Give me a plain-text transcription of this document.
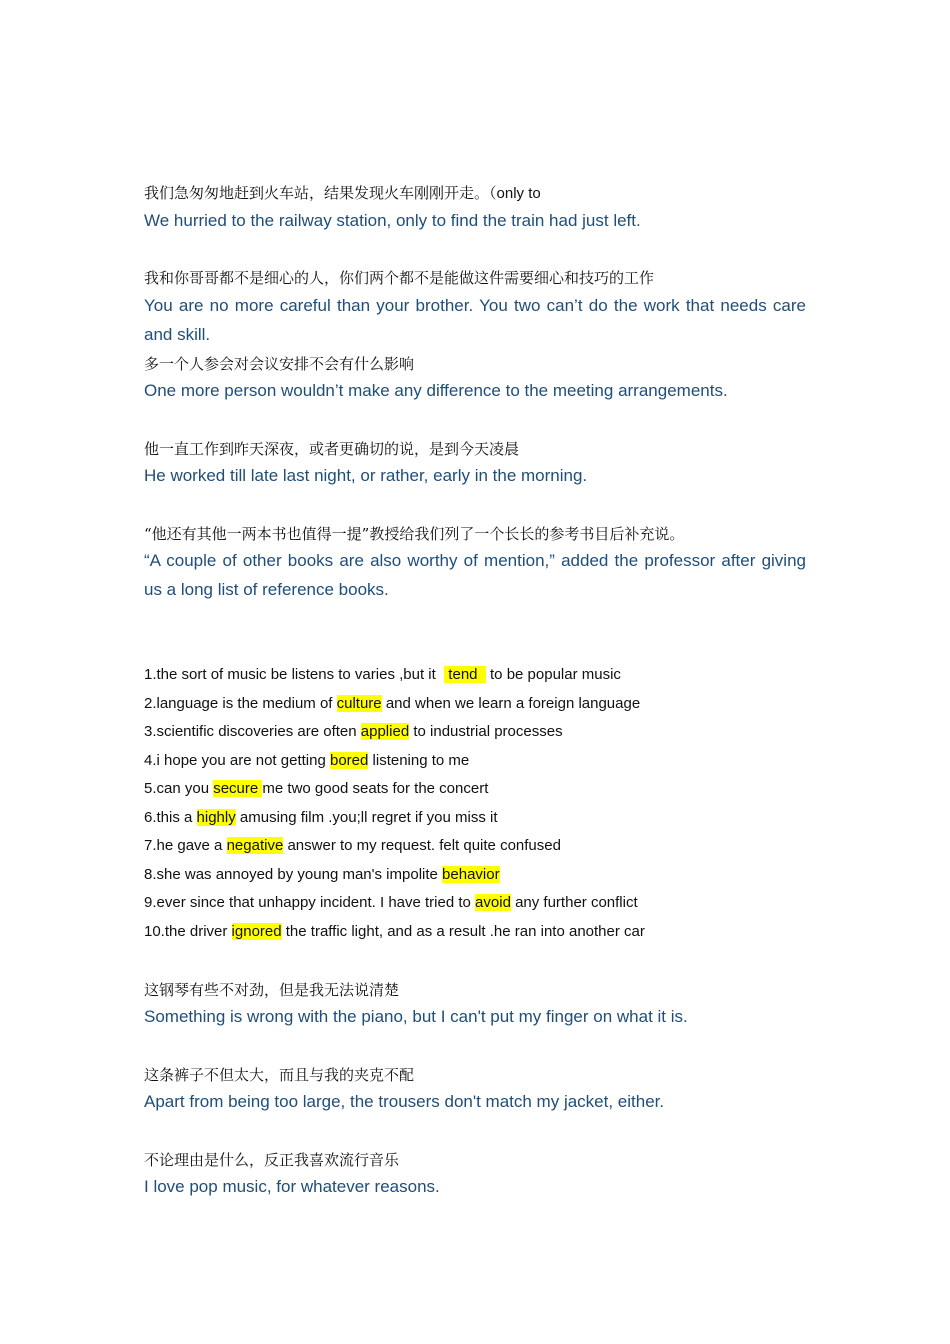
我们急匆匆地赶到火车站，结果发现火车刚刚开走。（only to
We hurried to the railway station, only to find the train had just left.
我和你哥哥都不是细心的人，你们两个都不是能做这件需要细心和技巧的工作
You are no more careful than your brother. You two can’t do the work that needs care and skill.
多一个人参会对会议安排不会有什么影响
One more person wouldn’t make any difference to the meeting arrangements.
他一直工作到昨天深夜，或者更确切的说，是到今天凌晨
He worked till late last night, or rather, early in the morning.
“他还有其他一两本书也值得一提”教授给我们列了一个长长的参考书目后补充说。
“A couple of other books are also worthy of mention,” added the professor after giving us a long list of reference books.
1.the sort of music be listens to varies ,but it   tend   to be popular music
2.language is the medium of culture and when we learn a foreign language
3.scientific discoveries are often applied to industrial processes
4.i hope you are not getting bored listening to me
5.can you secure me two good seats for the concert
6.this a highly amusing film .you;ll regret if you miss it
7.he gave a negative answer to my request. felt quite confused
8.she was annoyed by young man's impolite behavior
9.ever since that unhappy incident. I have tried to avoid any further conflict
10.the driver ignored the traffic light, and as a result .he ran into another car
这钢琴有些不对劲，但是我无法说清楚
Something is wrong with the piano, but I can't put my finger on what it is.
这条裤子不但太大，而且与我的夹克不配
Apart from being too large, the trousers don't match my jacket, either.
不论理由是什么，反正我喜欢流行音乐
I love pop music, for whatever reasons.
